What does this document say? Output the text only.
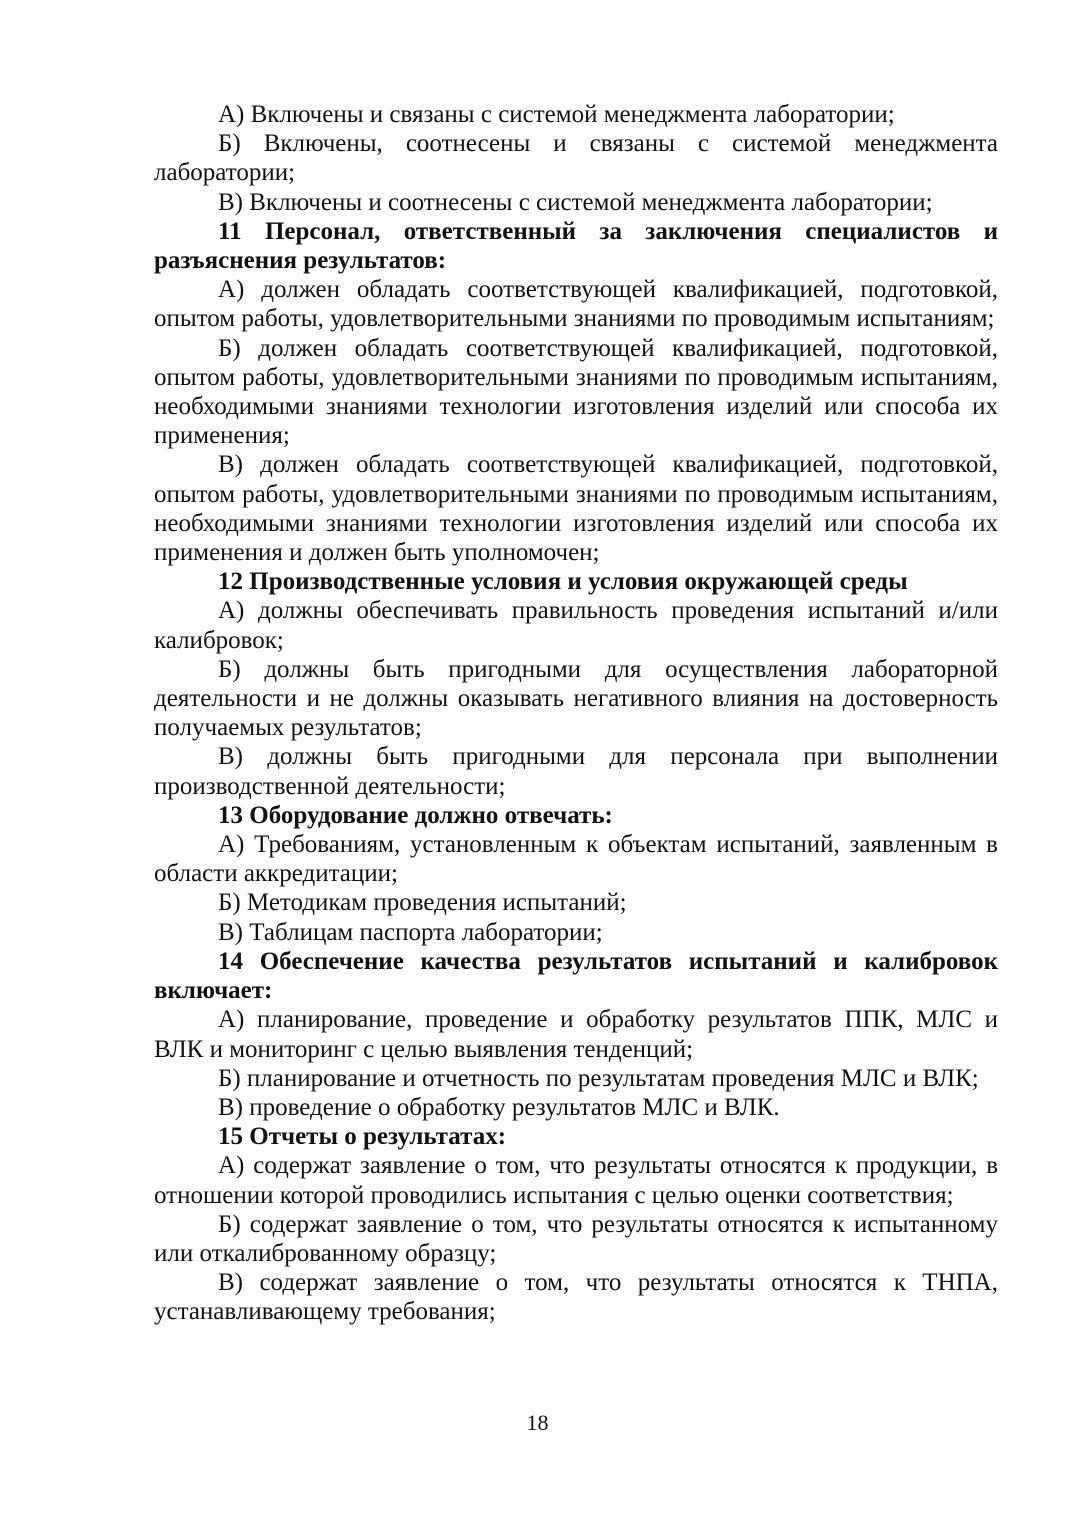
А) Включены и связаны с системой менеджмента лаборатории;

Б) Включены, соотнесены и связаны с системой менеджмента лаборатории;

В) Включены и соотнесены с системой менеджмента лаборатории;

11 Персонал, ответственный за заключения специалистов и разъяснения результатов:

А) должен обладать соответствующей квалификацией, подготовкой, опытом работы, удовлетворительными знаниями по проводимым испытаниям;

Б) должен обладать соответствующей квалификацией, подготовкой, опытом работы, удовлетворительными знаниями по проводимым испытаниям, необходимыми знаниями технологии изготовления изделий или способа их применения;

В) должен обладать соответствующей квалификацией, подготовкой, опытом работы, удовлетворительными знаниями по проводимым испытаниям, необходимыми знаниями технологии изготовления изделий или способа их применения и должен быть уполномочен;

12 Производственные условия и условия окружающей среды

А) должны обеспечивать правильность проведения испытаний и/или калибровок;

Б) должны быть пригодными для осуществления лабораторной деятельности и не должны оказывать негативного влияния на достоверность получаемых результатов;

В) должны быть пригодными для персонала при выполнении производственной деятельности;

13 Оборудование должно отвечать:

А) Требованиям, установленным к объектам испытаний, заявленным в области аккредитации;

Б) Методикам проведения испытаний;

В) Таблицам паспорта лаборатории;

14 Обеспечение качества результатов испытаний и калибровок включает:

А) планирование, проведение и обработку результатов ППК, МЛС и ВЛК и мониторинг с целью выявления тенденций;

Б) планирование и отчетность по результатам проведения МЛС и ВЛК;

В) проведение о обработку результатов МЛС и ВЛК.

15 Отчеты о результатах:

А) содержат заявление о том, что результаты относятся к продукции, в отношении которой проводились испытания с целью оценки соответствия;

Б) содержат заявление о том, что результаты относятся к испытанному или откалиброванному образцу;

В) содержат заявление о том, что результаты относятся к ТНПА, устанавливающему требования;

18
